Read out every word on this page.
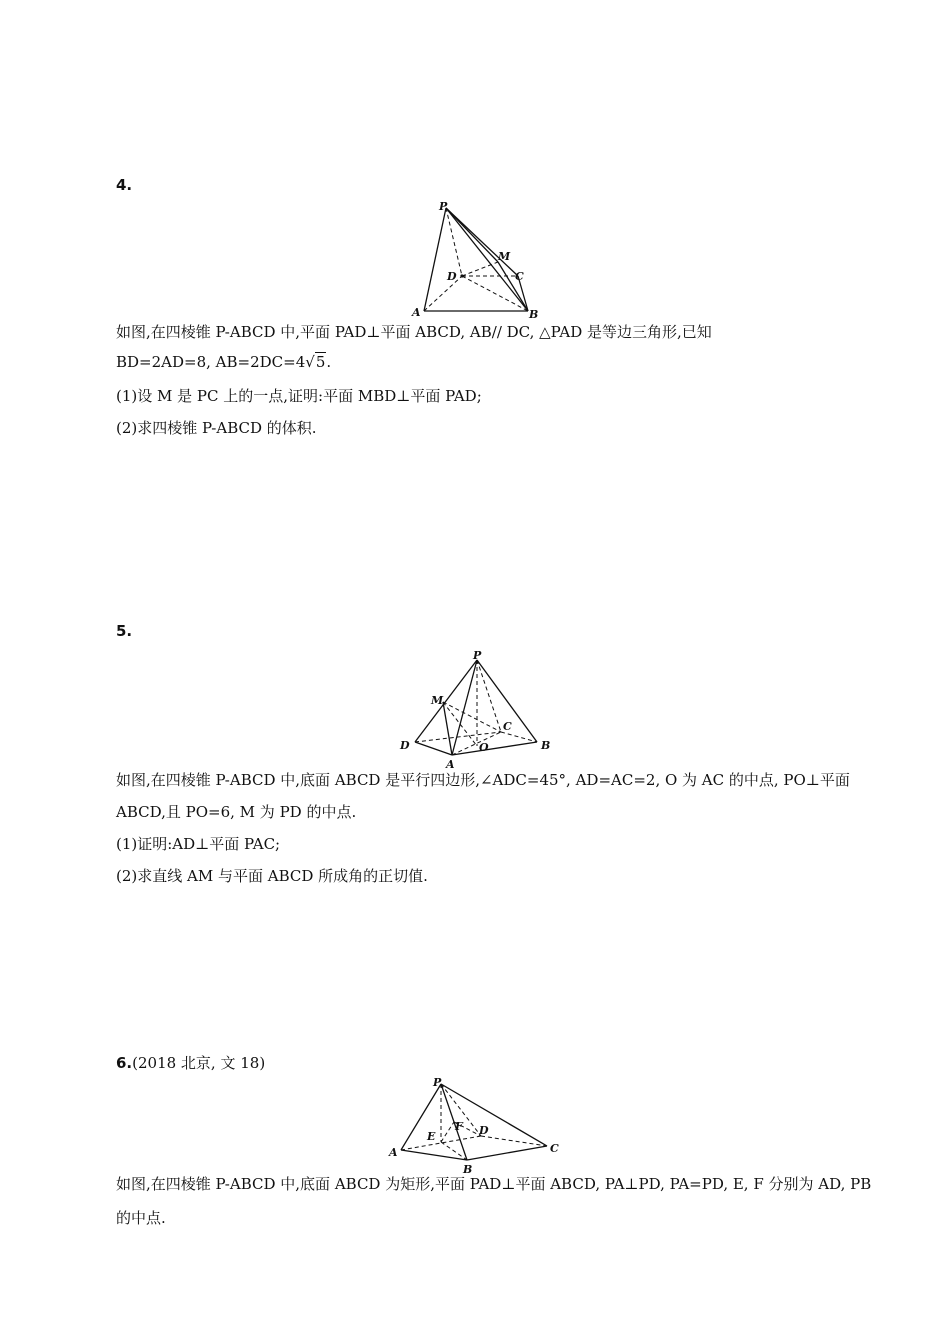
4.
P
M
D	C
A	B
如图,在四棱锥 P-ABCD 中,平面 PAD⊥平面 ABCD, AB// DC, △PAD 是等边三角形,已知
BD=2AD=8, AB=2DC=4√5.
(1)设 M 是 PC 上的一点,证明:平面 MBD⊥平面 PAD;
(2)求四棱锥 P-ABCD 的体积.
5.
P
M
C
D	O	B
A
如图,在四棱锥 P-ABCD 中,底面 ABCD 是平行四边形,∠ADC=45°, AD=AC=2, O 为 AC 的中点, PO⊥平面
ABCD,且 PO=6, M 为 PD 的中点.
(1)证明:AD⊥平面 PAC;
(2)求直线 AM 与平面 ABCD 所成角的正切值.
6.(2018 北京, 文 18)
P
F D
E
A	C
B
如图,在四棱锥 P-ABCD 中,底面 ABCD 为矩形,平面 PAD⊥平面 ABCD, PA⊥PD, PA=PD, E, F 分别为 AD, PB
的中点.
